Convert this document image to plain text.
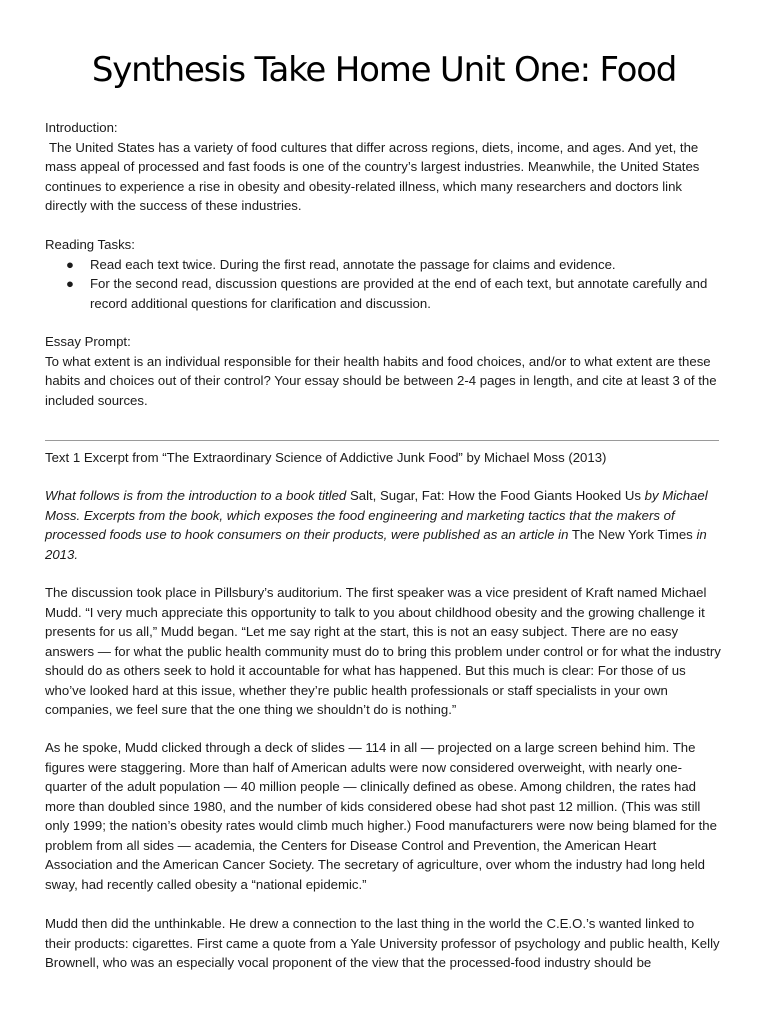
Synthesis Take Home Unit One: Food
Introduction:

The United States has a variety of food cultures that differ across regions, diets, income, and ages. And yet, the mass appeal of processed and fast foods is one of the country’s largest industries. Meanwhile, the United States continues to experience a rise in obesity and obesity-related illness, which many researchers and doctors link directly with the success of these industries.

Reading Tasks:
● Read each text twice. During the first read, annotate the passage for claims and evidence.
● For the second read, discussion questions are provided at the end of each text, but annotate carefully and record additional questions for clarification and discussion.
Essay Prompt:

To what extent is an individual responsible for their health habits and food choices, and/or to what extent are these habits and choices out of their control? Your essay should be between 2-4 pages in length, and cite at least 3 of the included sources.

Text 1 Excerpt from “The Extraordinary Science of Addictive Junk Food” by Michael Moss (2013)
What follows is from the introduction to a book titled Salt, Sugar, Fat: How the Food Giants Hooked Us by Michael Moss. Excerpts from the book, which exposes the food engineering and marketing tactics that the makers of processed foods use to hook consumers on their products, were published as an article in The New York Times in 2013.

The discussion took place in Pillsbury’s auditorium. The first speaker was a vice president of Kraft named Michael Mudd. “I very much appreciate this opportunity to talk to you about childhood obesity and the growing challenge it presents for us all,” Mudd began. “Let me say right at the start, this is not an easy subject. There are no easy answers — for what the public health community must do to bring this problem under control or for what the industry should do as others seek to hold it accountable for what has happened. But this much is clear: For those of us who’ve looked hard at this issue, whether they’re public health professionals or staff specialists in your own companies, we feel sure that the one thing we shouldn’t do is nothing.”

As he spoke, Mudd clicked through a deck of slides — 114 in all — projected on a large screen behind him. The figures were staggering. More than half of American adults were now considered overweight, with nearly one-quarter of the adult population — 40 million people — clinically defined as obese. Among children, the rates had more than doubled since 1980, and the number of kids considered obese had shot past 12 million. (This was still only 1999; the nation’s obesity rates would climb much higher.) Food manufacturers were now being blamed for the problem from all sides — academia, the Centers for Disease Control and Prevention, the American Heart Association and the American Cancer Society. The secretary of agriculture, over whom the industry had long held sway, had recently called obesity a “national epidemic.”

Mudd then did the unthinkable. He drew a connection to the last thing in the world the C.E.O.’s wanted linked to their products: cigarettes. First came a quote from a Yale University professor of psychology and public health, Kelly Brownell, who was an especially vocal proponent of the view that the processed-food industry should be
